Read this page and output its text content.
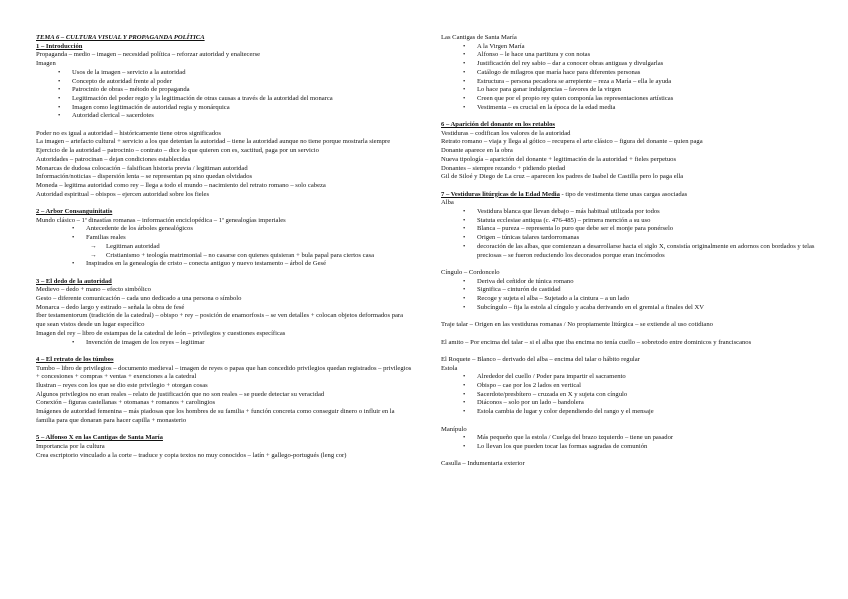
TEMA 6 – CULTURA VISUAL Y PROPAGANDA POLÍTICA

1 – Introducción

Propaganda – medio – imagen – necesidad política – reforzar autoridad y enaltecerse

Imagen

• Usos de la imagen – servicio a la autoridad
• Concepto de autoridad frente al poder
• Patrocinio de obras – método de propaganda
• Legitimación del poder regio y la legitimación de otras causas a través de la autoridad del monarca
• Imagen como legitimación de autoridad regia y monárquica
• Autoridad clerical – sacerdotes

Poder no es igual a autoridad – históricamente tiene otros significados

La imagen – artefacto cultural + servicio a los que detentan la autoridad – tiene la autoridad aunque no tiene porque mostrarla siempre

Ejercicio de la autoridad – patrocinio – contrato – dice lo que quieren con es, xactitud, paga por un servicio

Autoridades – patrocinan – dejan condiciones establecidas

Monarcas de dudosa colocación – falsifican historia previa / legitiman autoridad

Información/noticias – dispersión lenta – se representan pq sino quedan olvidados

Moneda – legitima autoridad como rey – llega a todo el mundo – nacimiento del retrato romano – solo cabeza

Autoridad espiritual – obispos – ejercen autoridad sobre los fieles

2 – Arbor Consanguinitatis

Mundo clásico – 1ª dinastías romanas – información enciclopédica – 1ª genealogías imperiales

• Antecedente de los árboles genealógicos
• Familias reales
→ Legitiman autoridad
→ Cristianismo + teología matrimonial – no casarse con quienes quisieran + bula papal para ciertos casa
• Inspirados en la genealogía de cristo – conecta antiguo y nuevo testamento – árbol de Gesé

3 – El dedo de la autoridad

Medievo – dedo + mano – efecto simbólico

Gesto – diferente comunicación – cada uno dedicado a una persona o símbolo

Monarca – dedo largo y estirado – señala la obra de fesé

Iber testamentorum (tradición de la catedral) – obispo + rey – posición de enamorfosis – se ven detalles + colocan objetos deformados para que sean vistos desde un lugar específico

Imagen del rey – libro de estampas de la catedral de león – privilegios y cuestiones específicas

• Invención de imagen de los reyes – legitimar

4 – El retrato de los túmbos

Tumbo – libro de privilegios – documento medieval – imagen de reyes o papas que han concedido privilegios quedan registrados – privilegios + concesiones + compras + ventas + exenciones a la catedral

Ilustran – reyes con los que se dio este privilegio + otorgan cosas

Algunos privilegios no eran reales – relato de justificación que no son reales – se puede detectar su veracidad

Conexión – figuras castellanas + otomanas + romanos + carolingios

Imágenes de autoridad femenina – más piadosas que los hombres de su familia + función concreta como conseguir dinero o influir en la familia para que donaran para hacer capilla + monasterio

5 – Alfonso X en las Cantigas de Santa María

Importancia por la cultura

Crea escriptorio vinculado a la corte – traduce y copia textos no muy conocidos – latín + gallego-portugués (leng cor)

Las Cantigas de Santa María

• A la Virgen María
• Alfonso – le hace una partitura y con notas
• Justificación del rey sabio – dar a conocer obras antiguas y divulgarlas
• Catálogo de milagros que maría hace para diferentes personas
• Estructura – persona pecadora se arrepiente – reza a María – ella le ayuda
• Lo hace para ganar indulgencias – favores de la virgen
• Creen que por el propio rey quien componía las representaciones artísticas
• Vestimenta – es crucial en la época de la edad media

6 – Aparición del donante en los retablos

Vestiduras – codifican los valores de la autoridad

Retrato romano – viaja y llega al gótico – recupera el arte clásico – figura del donante – quien paga

Donante aparece en la obra

Nueva tipología – aparición del donante + legitimación de la autoridad + fieles perpetuos

Donantes – siempre rezando + pidiendo piedad

Gil de Siloé y Diego de La cruz – aparecen los padres de Isabel de Castilla pero lo paga ella

7 – Vestiduras litúrgicas de la Edad Media - tipo de vestimenta tiene unas cargas asociadas

Alba

• Vestidura blanca que llevan debajo – más habitual utilizada por todos
• Statuta ecclesiae antiqua (c. 476-485) – primera mención a su uso
• Blanca – pureza – representa lo puro que debe ser el monje para ponérselo
• Origen – túnicas talares tardorromanas
• decoración de las albas, que comienzan a desarrollarse hacia el siglo X, consistía originalmente en adornos con bordados y telas preciosas – se fueron reduciendo los decorados porque eran incómodos

Cíngulo – Cordoncelo

• Deriva del ceñidor de túnica romano
• Significa – cinturón de castidad
• Recoge y sujeta el alba – Sujetado a la cintura – a un lado
• Subcíngulo – fija la estola al cíngulo y acaba derivando en el gremial a finales del XV

Traje talar – Origen en las vestiduras romanas / No propiamente litúrgica – se extiende al uso cotidiano

El amito – Por encima del talar – si el alba que iba encima no tenía cuello – sobretodo entre dominicos y franciscanos

El Roquete – Blanco – derivado del alba – encima del talar o hábito regular

Estola

• Alrededor del cuello / Poder para impartir el sacramento
• Obispo – cae por los 2 lados en vertical
• Sacerdote/presbítero – cruzada en X y sujeta con cíngulo
• Diáconos – solo por un lado – bandolera
• Estola cambia de lugar y color dependiendo del rango y el mensaje

Manípulo

• Más pequeño que la estola / Cuelga del brazo izquierdo – tiene un pasador
• Lo llevan los que pueden tocar las formas sagradas de comunión

Casulla – Indumentaria exterior
